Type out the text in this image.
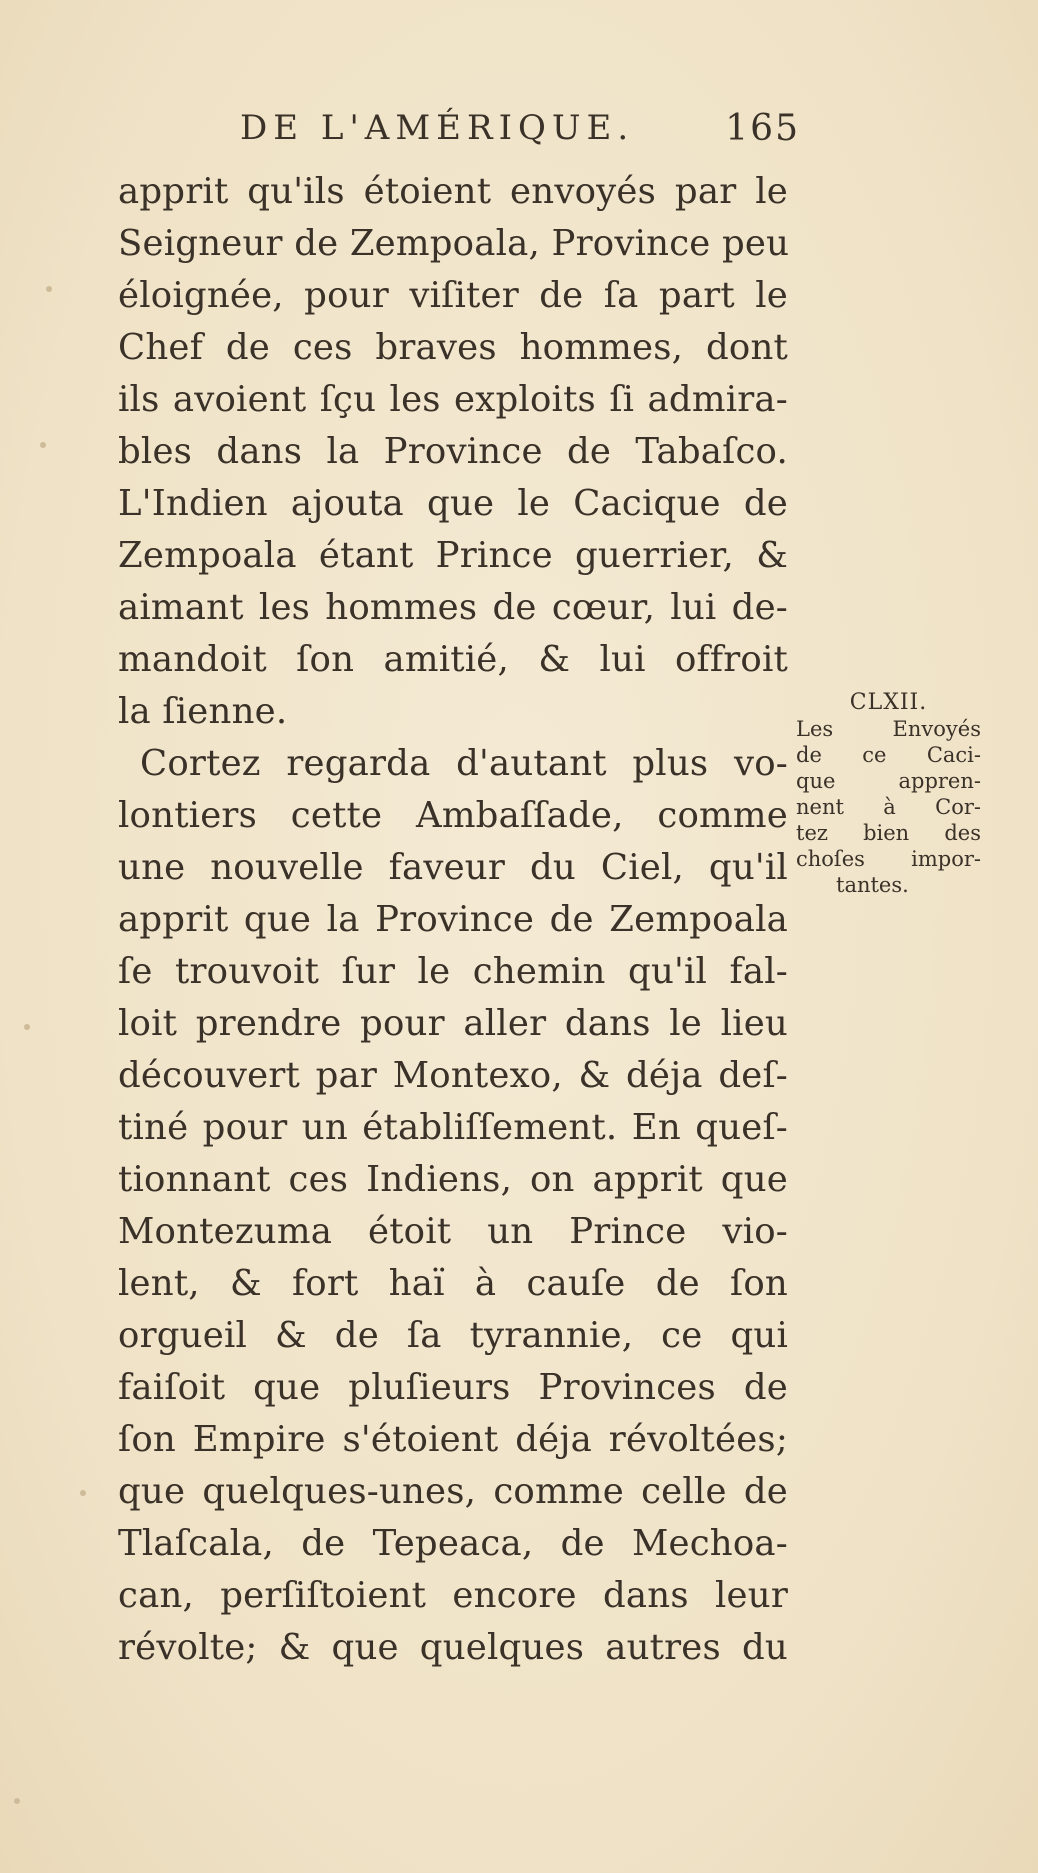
DE L'AMÉRIQUE.	165
apprit qu'ils étoient envoyés par le
Seigneur de Zempoala, Province peu
éloignée, pour viſiter de ſa part le
Chef de ces braves hommes, dont
ils avoient ſçu les exploits ſi admira-
bles dans la Province de Tabaſco.
L'Indien ajouta que le Cacique de
Zempoala étant Prince guerrier, &
aimant les hommes de cœur, lui de-
mandoit ſon amitié, & lui offroit
la ſienne.
Cortez regarda d'autant plus vo-
lontiers cette Ambaſſade, comme
une nouvelle faveur du Ciel, qu'il
apprit que la Province de Zempoala
ſe trouvoit ſur le chemin qu'il fal-
loit prendre pour aller dans le lieu
découvert par Montexo, & déja deſ-
tiné pour un établiſſement. En queſ-
tionnant ces Indiens, on apprit que
Montezuma étoit un Prince vio-
lent, & fort haï à cauſe de ſon
orgueil & de ſa tyrannie, ce qui
faiſoit que pluſieurs Provinces de
ſon Empire s'étoient déja révoltées;
que quelques-unes, comme celle de
Tlaſcala, de Tepeaca, de Mechoa-
can, perſiſtoient encore dans leur
révolte; & que quelques autres du
CLXII.
Les Envoyés
de ce Caci-
que appren-
nent à Cor-
tez bien des
choſes impor-
tantes.
